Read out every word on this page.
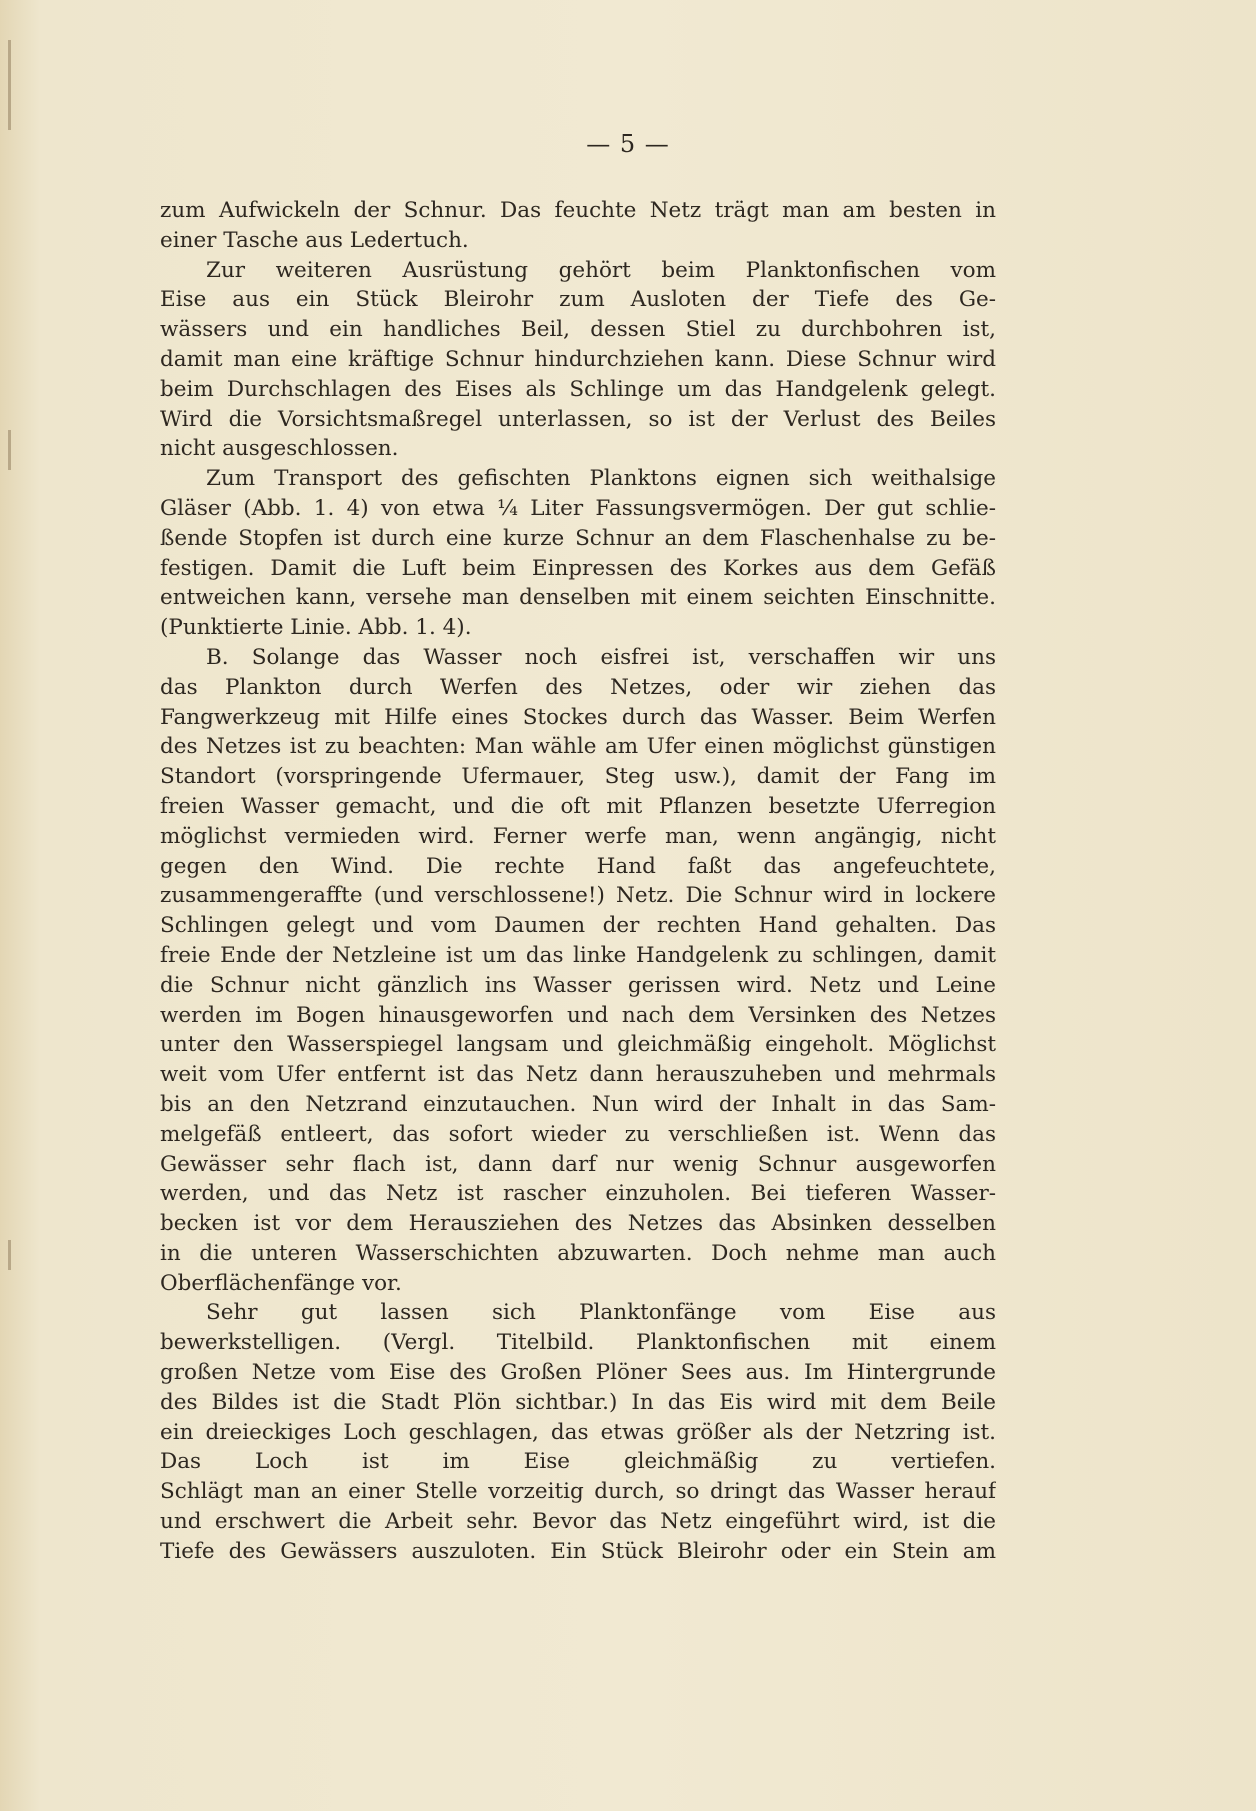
— 5 —
zum Aufwickeln der Schnur. Das feuchte Netz trägt man am besten in
einer Tasche aus Ledertuch.
Zur weiteren Ausrüstung gehört beim Planktonfischen vom
Eise aus ein Stück Bleirohr zum Ausloten der Tiefe des Ge-
wässers und ein handliches Beil, dessen Stiel zu durchbohren ist,
damit man eine kräftige Schnur hindurchziehen kann. Diese Schnur wird
beim Durchschlagen des Eises als Schlinge um das Handgelenk gelegt.
Wird die Vorsichtsmaßregel unterlassen, so ist der Verlust des Beiles
nicht ausgeschlossen.
Zum Transport des gefischten Planktons eignen sich weithalsige
Gläser (Abb. 1. 4) von etwa ¼ Liter Fassungsvermögen. Der gut schlie-
ßende Stopfen ist durch eine kurze Schnur an dem Flaschenhalse zu be-
festigen. Damit die Luft beim Einpressen des Korkes aus dem Gefäß
entweichen kann, versehe man denselben mit einem seichten Einschnitte.
(Punktierte Linie. Abb. 1. 4).
B. Solange das Wasser noch eisfrei ist, verschaffen wir uns
das Plankton durch Werfen des Netzes, oder wir ziehen das
Fangwerkzeug mit Hilfe eines Stockes durch das Wasser. Beim Werfen
des Netzes ist zu beachten: Man wähle am Ufer einen möglichst günstigen
Standort (vorspringende Ufermauer, Steg usw.), damit der Fang im
freien Wasser gemacht, und die oft mit Pflanzen besetzte Uferregion
möglichst vermieden wird. Ferner werfe man, wenn angängig, nicht
gegen den Wind. Die rechte Hand faßt das angefeuchtete,
zusammengeraffte (und verschlossene!) Netz. Die Schnur wird in lockere
Schlingen gelegt und vom Daumen der rechten Hand gehalten. Das
freie Ende der Netzleine ist um das linke Handgelenk zu schlingen, damit
die Schnur nicht gänzlich ins Wasser gerissen wird. Netz und Leine
werden im Bogen hinausgeworfen und nach dem Versinken des Netzes
unter den Wasserspiegel langsam und gleichmäßig eingeholt. Möglichst
weit vom Ufer entfernt ist das Netz dann herauszuheben und mehrmals
bis an den Netzrand einzutauchen. Nun wird der Inhalt in das Sam-
melgefäß entleert, das sofort wieder zu verschließen ist. Wenn das
Gewässer sehr flach ist, dann darf nur wenig Schnur ausgeworfen
werden, und das Netz ist rascher einzuholen. Bei tieferen Wasser-
becken ist vor dem Herausziehen des Netzes das Absinken desselben
in die unteren Wasserschichten abzuwarten. Doch nehme man auch
Oberflächenfänge vor.
Sehr gut lassen sich Planktonfänge vom Eise aus
bewerkstelligen. (Vergl. Titelbild. Planktonfischen mit einem
großen Netze vom Eise des Großen Plöner Sees aus. Im Hintergrunde
des Bildes ist die Stadt Plön sichtbar.) In das Eis wird mit dem Beile
ein dreieckiges Loch geschlagen, das etwas größer als der Netzring ist.
Das Loch ist im Eise gleichmäßig zu vertiefen.
Schlägt man an einer Stelle vorzeitig durch, so dringt das Wasser herauf
und erschwert die Arbeit sehr. Bevor das Netz eingeführt wird, ist die
Tiefe des Gewässers auszuloten. Ein Stück Bleirohr oder ein Stein am
